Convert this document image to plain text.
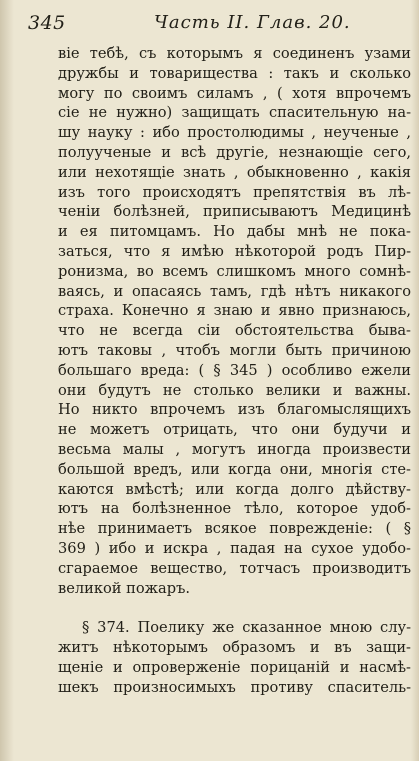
345	Часть II. Глав. 20.
віе тебѣ, съ которымъ я соединенъ узами
дружбы и товарищества : такъ и сколько
могу по своимъ силамъ , ( хотя впрочемъ
сіе не нужно) защищать спасительную на-
шу науку : ибо простолюдимы , неученые ,
полуученые и всѣ другіе, незнающіе сего,
или нехотящіе знать , обыкновенно , какія
изъ того происходятъ препятствія въ лѣ-
ченіи болѣзней, приписываютъ Медицинѣ
и ея питомцамъ. Но дабы мнѣ не пока-
заться, что я имѣю нѣкоторой родъ Пир-
ронизма, во всемъ слишкомъ много сомнѣ-
ваясь, и опасаясь тамъ, гдѣ нѣтъ никакого
страха. Конечно я знаю и явно признаюсь,
что не всегда сіи обстоятельства быва-
ютъ таковы , чтобъ могли быть причиною
большаго вреда: ( § 345 ) особливо ежели
они будутъ не столько велики и важны.
Но никто впрочемъ изъ благомыслящихъ
не можетъ отрицать, что они будучи и
весьма малы , могутъ иногда произвести
большой вредъ, или когда они, многія сте-
каются вмѣстѣ; или когда долго дѣйству-
ютъ на болѣзненное тѣло, которое удоб-
нѣе принимаетъ всякое поврежденіе: ( §
369 ) ибо и искра , падая на сухое удобо-
сгараемое вещество, тотчасъ производитъ
великой пожаръ.
§ 374. Поелику же сказанное мною слу-
житъ нѣкоторымъ образомъ и въ защи-
щеніе и опроверженіе порицаній и насмѣ-
шекъ произносимыхъ противу спаситель-
